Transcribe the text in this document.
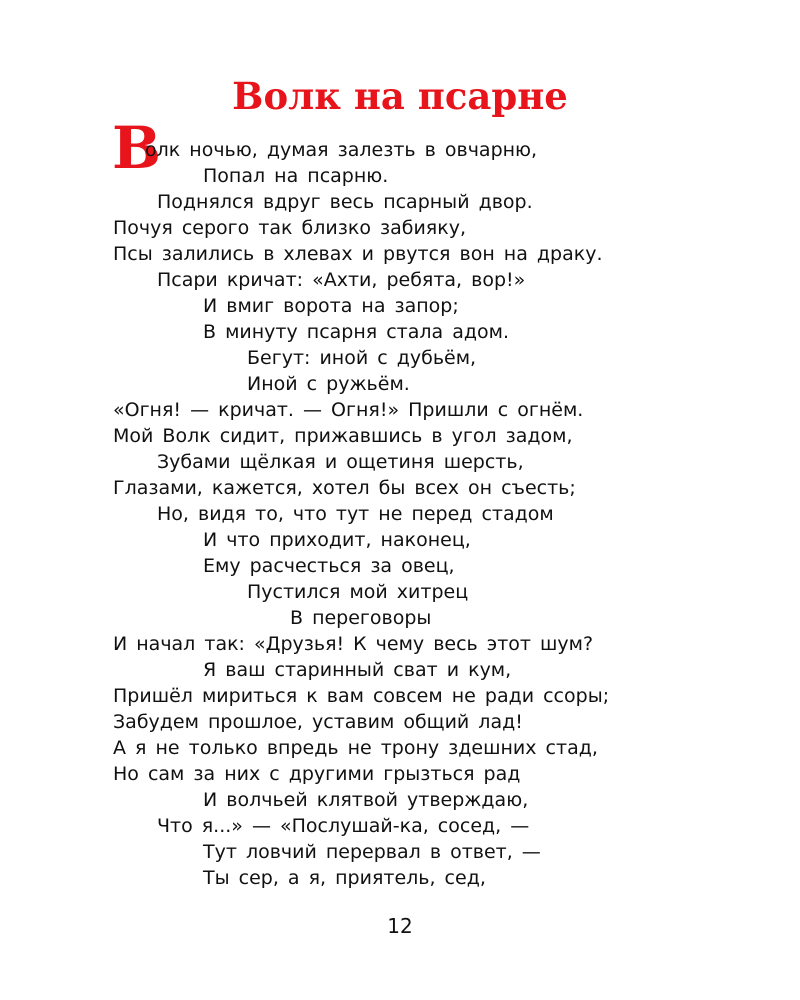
Волк на псарне
В
олк ночью, думая залезть в овчарню,
Попал на псарню.
Поднялся вдруг весь псарный двор.
Почуя серого так близко забияку,
Псы залились в хлевах и рвутся вон на драку.
Псари кричат: «Ахти, ребята, вор!»
И вмиг ворота на запор;
В минуту псарня стала адом.
Бегут: иной с дубьём,
Иной с ружьём.
«Огня! — кричат. — Огня!» Пришли с огнём.
Мой Волк сидит, прижавшись в угол задом,
Зубами щёлкая и ощетиня шерсть,
Глазами, кажется, хотел бы всех он съесть;
Но, видя то, что тут не перед стадом
И что приходит, наконец,
Ему расчесться за овец,
Пустился мой хитрец
В переговоры
И начал так: «Друзья! К чему весь этот шум?
Я ваш старинный сват и кум,
Пришёл мириться к вам совсем не ради ссоры;
Забудем прошлое, уставим общий лад!
А я не только впредь не трону здешних стад,
Но сам за них с другими грызться рад
И волчьей клятвой утверждаю,
Что я...» — «Послушай-ка, сосед, —
Тут ловчий перервал в ответ, —
Ты сер, а я, приятель, сед,
12
